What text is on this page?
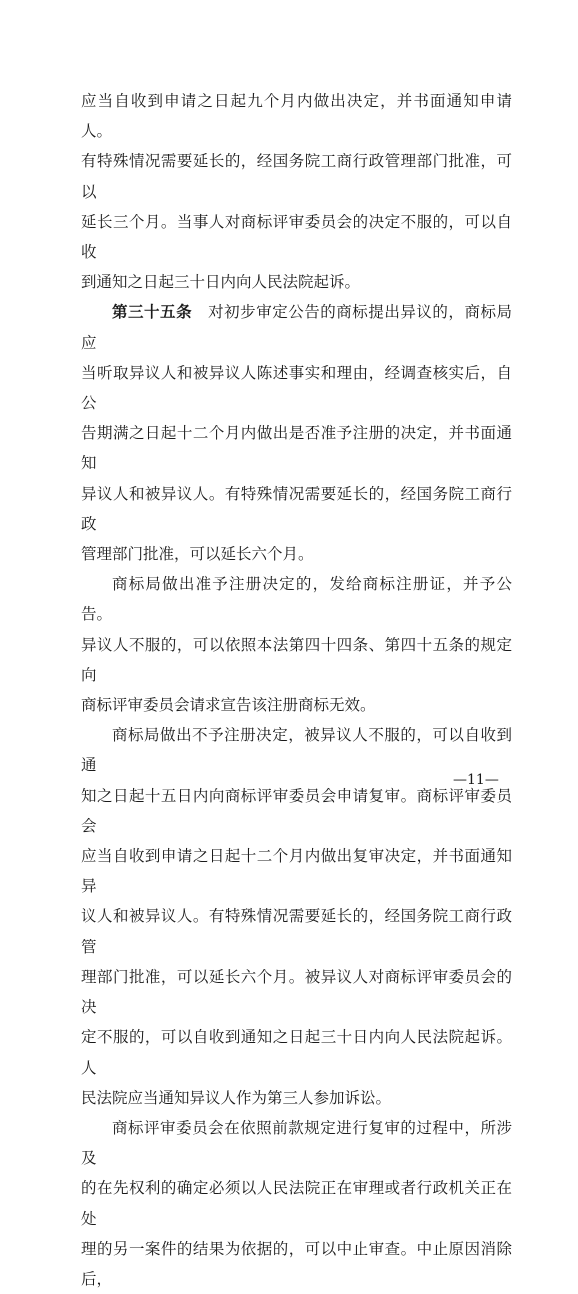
应当自收到申请之日起九个月内做出决定，并书面通知申请人。
有特殊情况需要延长的，经国务院工商行政管理部门批准，可以
延长三个月。当事人对商标评审委员会的决定不服的，可以自收
到通知之日起三十日内向人民法院起诉。

第三十五条　对初步审定公告的商标提出异议的，商标局应
当听取异议人和被异议人陈述事实和理由，经调查核实后，自公
告期满之日起十二个月内做出是否准予注册的决定，并书面通知
异议人和被异议人。有特殊情况需要延长的，经国务院工商行政
管理部门批准，可以延长六个月。

商标局做出准予注册决定的，发给商标注册证，并予公告。
异议人不服的，可以依照本法第四十四条、第四十五条的规定向
商标评审委员会请求宣告该注册商标无效。

商标局做出不予注册决定，被异议人不服的，可以自收到通
知之日起十五日内向商标评审委员会申请复审。商标评审委员会
应当自收到申请之日起十二个月内做出复审决定，并书面通知异
议人和被异议人。有特殊情况需要延长的，经国务院工商行政管
理部门批准，可以延长六个月。被异议人对商标评审委员会的决
定不服的，可以自收到通知之日起三十日内向人民法院起诉。人
民法院应当通知异议人作为第三人参加诉讼。

商标评审委员会在依照前款规定进行复审的过程中，所涉及
的在先权利的确定必须以人民法院正在审理或者行政机关正在处
理的另一案件的结果为依据的，可以中止审查。中止原因消除后，

—11—
